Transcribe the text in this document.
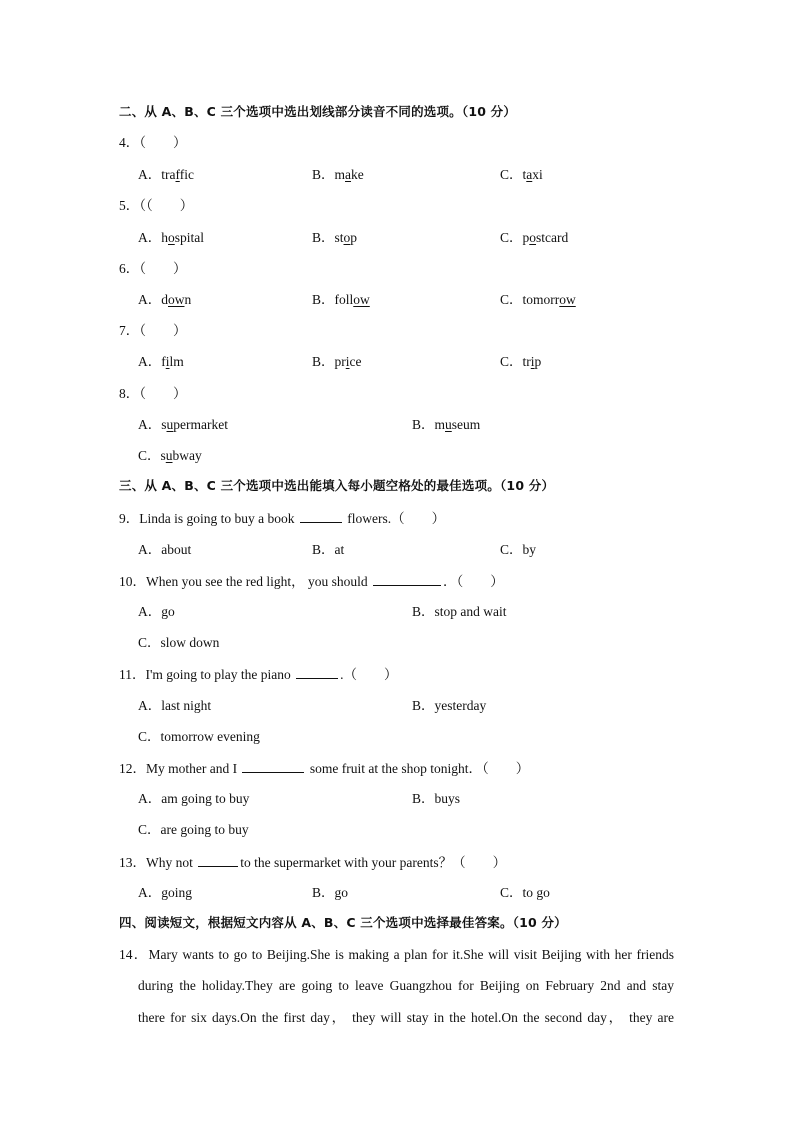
二、从 A、B、C 三个选项中选出划线部分读音不同的选项。（10 分）
4．（　　）
A．traffic	B．make	C．taxi
5．（（　　）
A．hospital	B．stop	C．postcard
6．（　　）
A．down	B．follow	C．tomorrow
7．（　　）
A．film	B．price	C．trip
8．（　　）
A．supermarket	B．museum
C．subway
三、从 A、B、C 三个选项中选出能填入每小题空格处的最佳选项。（10 分）
9．Linda is going to buy a book	flowers.（　　）
A．about	B．at	C．by
10．When you see the red light， you should	．（　　）
A．go	B．stop and wait
C．slow down
11．I'm going to play the piano	.（　　）
A．last night	B．yesterday
C．tomorrow evening
12．My mother and I	some fruit at the shop tonight．（　　）
A．am going to buy	B．buys
C．are going to buy
13．Why not	to the supermarket with your parents？（　　）
A．going	B．go	C．to go
四、阅读短文，根据短文内容从 A、B、C 三个选项中选择最佳答案。（10 分）
14．Mary wants to go to Beijing.She is making a plan for it.She will visit Beijing with her friends
during the holiday.They are going to leave Guangzhou for Beijing on February 2nd and stay
there for six days.On the first day， they will stay in the hotel.On the second day， they are
